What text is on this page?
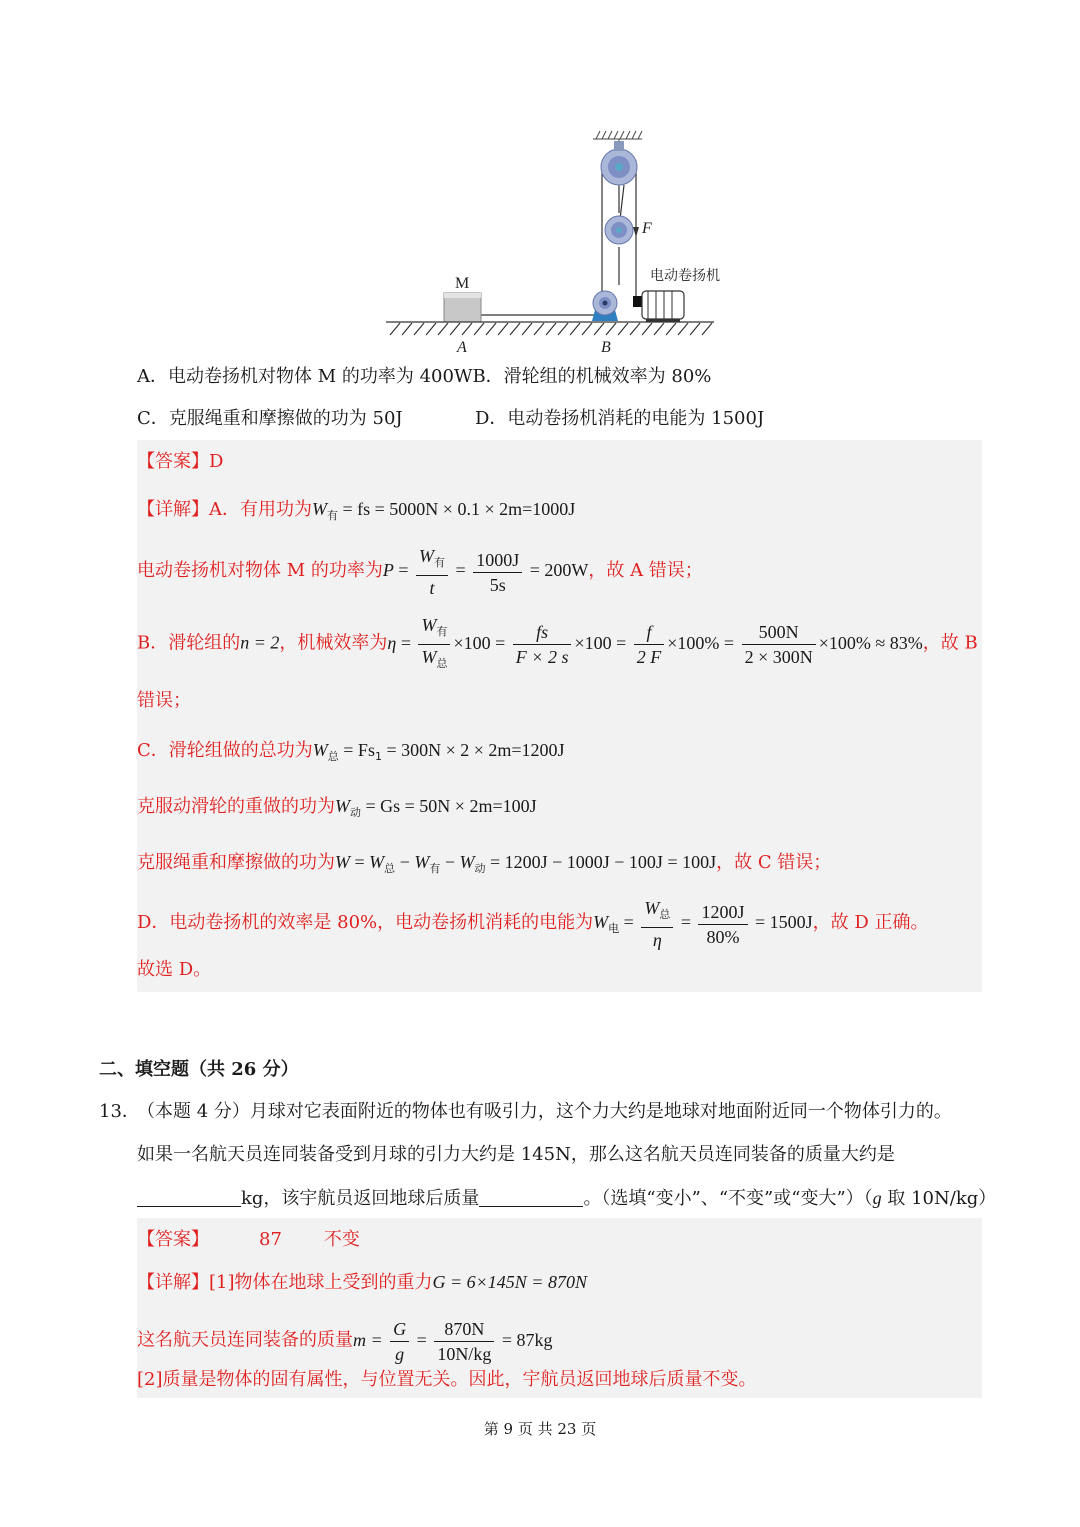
F
M	电动卷扬机
A	B
A．电动卷扬机对物体 M 的功率为 400WB．滑轮组的机械效率为 80%
C．克服绳重和摩擦做的功为 50J	D．电动卷扬机消耗的电能为 1500J
【答案】D
【详解】A．有用功为$W_有$ = fs = 5000N × 0.1 × 2m=1000J
电动卷扬机对物体 M 的功率为$P = \frac{W_有}{t} = \frac{1000J}{5s} = 200W$，故 A 错误；
B．滑轮组的n = 2，机械效率为$\eta = \frac{W_有}{W_总} \times 100 = \frac{fs}{F \times 2 s} \times 100 = \frac{f}{2 F} \times 100\% = \frac{500N}{2 \times 300N} \times 100\% \approx 83\%$，故 B
错误；
C．滑轮组做的总功为$W_总 = Fs_1 = 300N \times 2 \times 2m=1200J$
克服动滑轮的重做的功为$W_动 = Gs = 50N \times 2m=100J$
克服绳重和摩擦做的功为$W = W_总 - W_有 - W_动 = 1200J - 1000J - 100J = 100J$，故 C 错误；
D．电动卷扬机的效率是 80%，电动卷扬机消耗的电能为$W_电 = \frac{W_总}{\eta} = \frac{1200J}{80\%} = 1500J$，故 D 正确。
故选 D。
二、填空题（共 26 分）
13．（本题 4 分）月球对它表面附近的物体也有吸引力，这个力大约是地球对地面附近同一个物体引力的。
如果一名航天员连同装备受到月球的引力大约是 145N，那么这名航天员连同装备的质量大约是
kg，该宇航员返回地球后质量	。（选填“变小”、“不变”或“变大”）（g 取 10N/kg）
【答案】	87 不变
【详解】[1]物体在地球上受到的重力G = 6×145N = 870N
这名航天员连同装备的质量$m = \frac{G}{g} = \frac{870N}{10N/kg} = 87kg$
[2]质量是物体的固有属性，与位置无关。因此，宇航员返回地球后质量不变。
第 9 页 共 23 页
